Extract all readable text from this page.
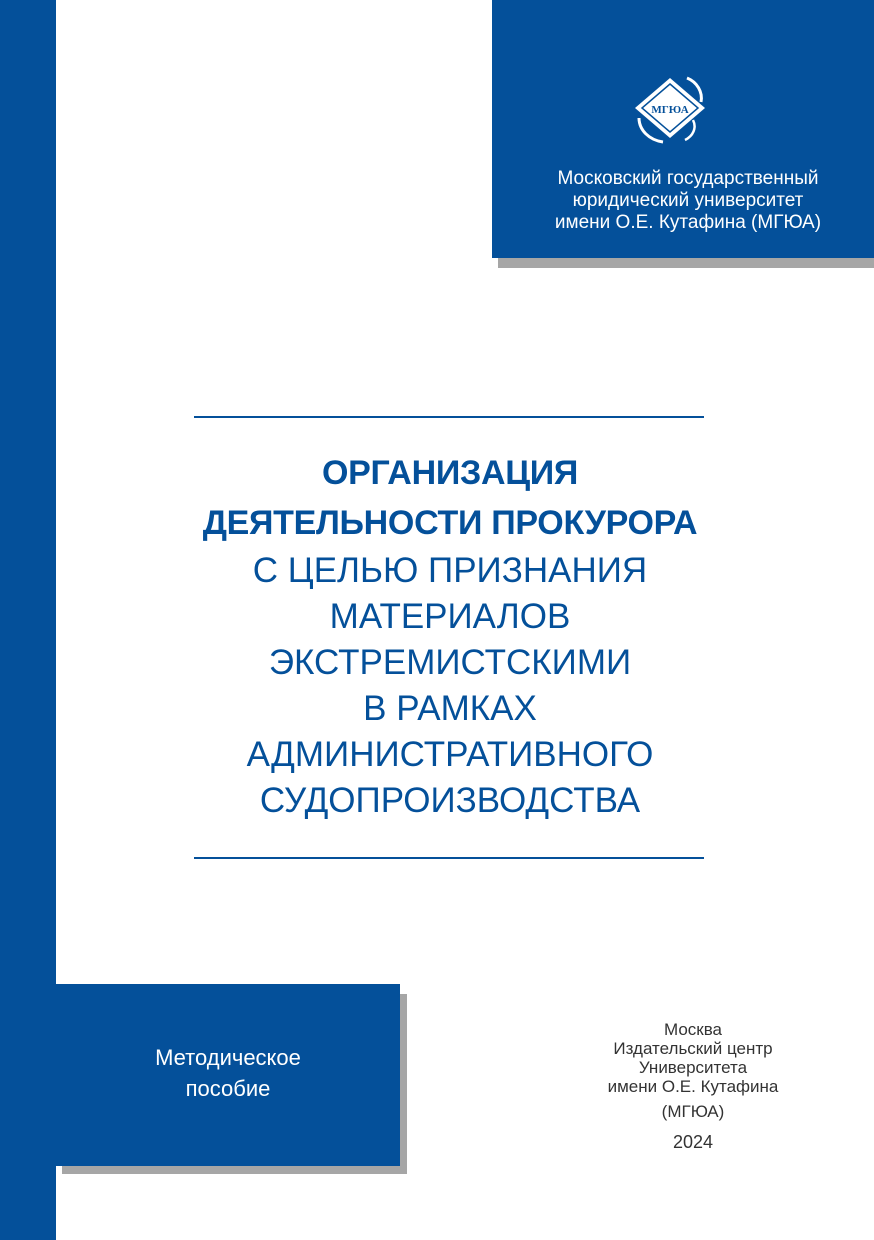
МГЮА
Московский государственный
юридический университет
имени О.Е. Кутафина (МГЮА)
ОРГАНИЗАЦИЯ
ДЕЯТЕЛЬНОСТИ ПРОКУРОРА
С ЦЕЛЬЮ ПРИЗНАНИЯ
МАТЕРИАЛОВ
ЭКСТРЕМИСТСКИМИ
В РАМКАХ
АДМИНИСТРАТИВНОГО
СУДОПРОИЗВОДСТВА
Методическое
пособие
Москва
Издательский центр
Университета
имени О.Е. Кутафина
(МГЮА)
2024
